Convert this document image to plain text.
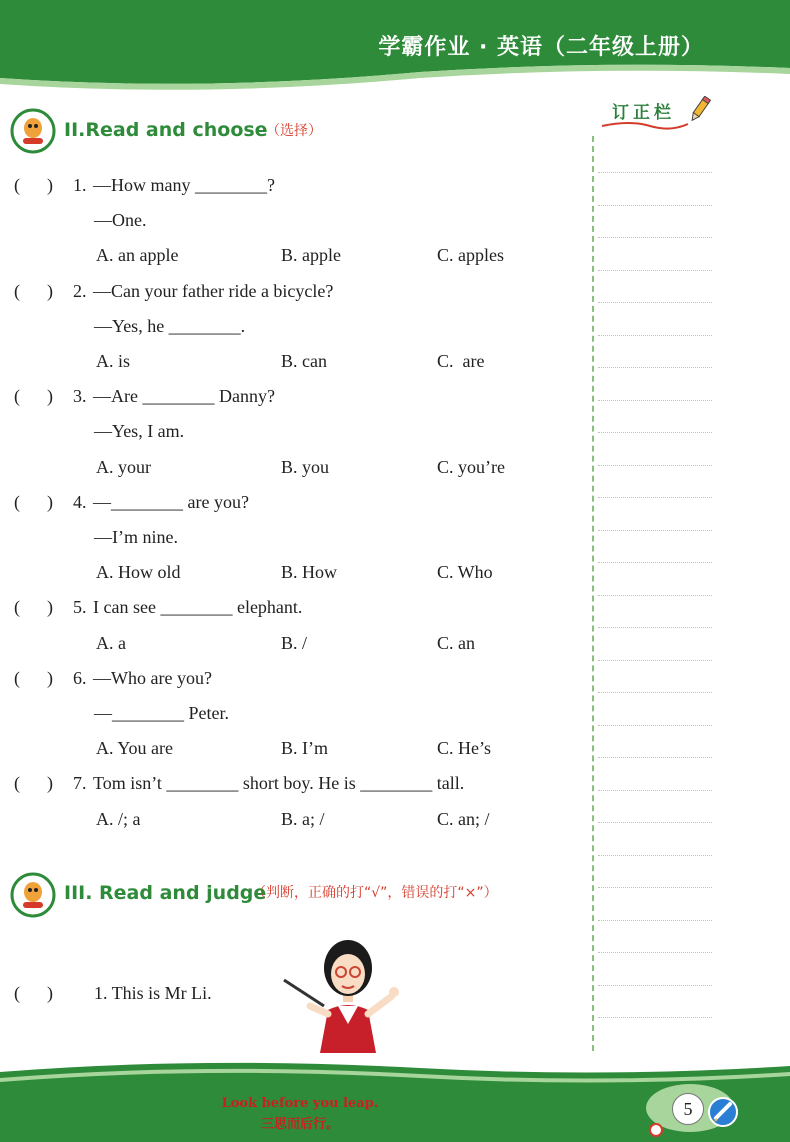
学霸作业 · 英语（二年级上册）
订正栏
II.Read and choose
（选择）
(      ) 1. —How many ________?
—One.
A. an apple	B. apple	C. apples
(      ) 2. —Can your father ride a bicycle?
—Yes, he ________.
A. is	B. can	C.  are
(      ) 3. —Are ________ Danny?
—Yes, I am.
A. your	B. you	C. you’re
(      ) 4. —________ are you?
—I’m nine.
A. How old	B. How	C. Who
(      ) 5. I can see ________ elephant.
A. a	B. /	C. an
(      ) 6. —Who are you?
—________ Peter.
A. You are	B. I’m	C. He’s
(      ) 7. Tom isn’t ________ short boy. He is ________ tall.
A. /; a	B. a; /	C. an; /
III. Read and judge
（判断，正确的打“√”，错误的打“×”）
(      ) 1. This is Mr Li.
Look before you leap.
三思而后行。
5
